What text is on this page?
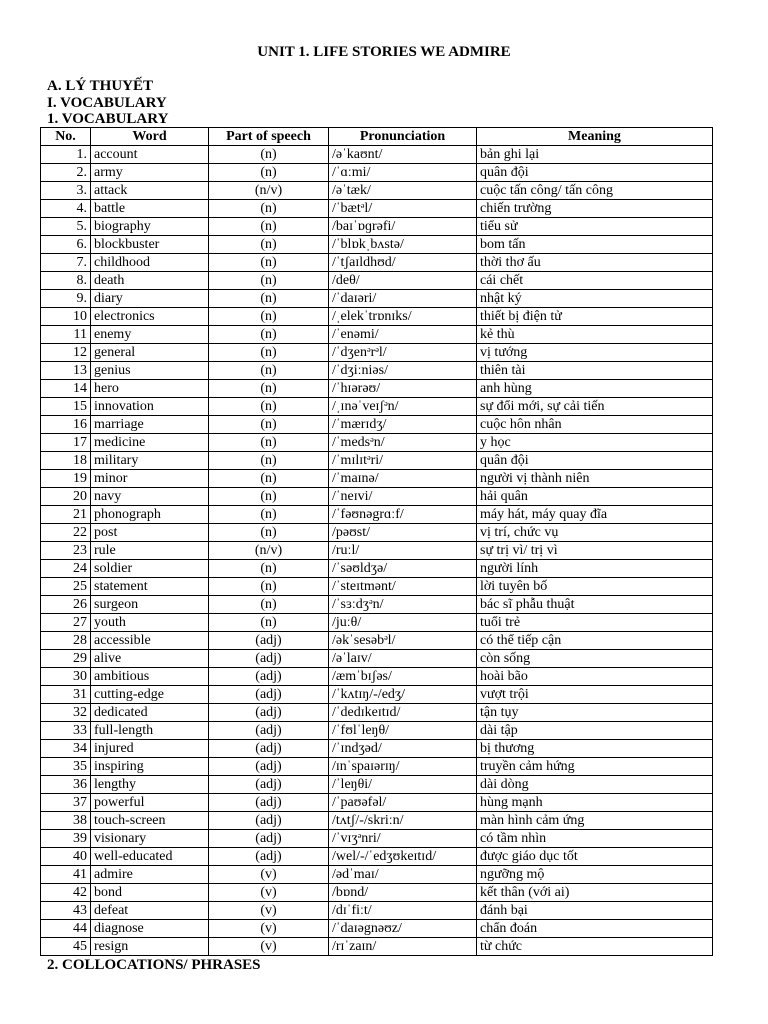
UNIT 1. LIFE STORIES WE ADMIRE
A. LÝ THUYẾT
I. VOCABULARY
1. VOCABULARY
No.	Word	Part of speech	Pronunciation	Meaning
1.	account	(n)	/əˈkaʊnt/	bản ghi lại
2.	army	(n)	/ˈɑːmi/	quân đội
3.	attack	(n/v)	/əˈtæk/	cuộc tấn công/ tấn công
4.	battle	(n)	/ˈbætᵊl/	chiến trường
5.	biography	(n)	/baɪˈɒɡrəfi/	tiểu sử
6.	blockbuster	(n)	/ˈblɒkˌbʌstə/	bom tấn
7.	childhood	(n)	/ˈtʃaɪldhʊd/	thời thơ ấu
8.	death	(n)	/deθ/	cái chết
9.	diary	(n)	/ˈdaɪəri/	nhật ký
10	electronics	(n)	/ˌelekˈtrɒnɪks/	thiết bị điện tử
11	enemy	(n)	/ˈenəmi/	kẻ thù
12	general	(n)	/ˈdʒenᵊrᵊl/	vị tướng
13	genius	(n)	/ˈdʒiːniəs/	thiên tài
14	hero	(n)	/ˈhɪərəʊ/	anh hùng
15	innovation	(n)	/ˌɪnəˈveɪʃᵊn/	sự đổi mới, sự cải tiến
16	marriage	(n)	/ˈmærɪdʒ/	cuộc hôn nhân
17	medicine	(n)	/ˈmedsᵊn/	y học
18	military	(n)	/ˈmɪlɪtᵊri/	quân đội
19	minor	(n)	/ˈmaɪnə/	người vị thành niên
20	navy	(n)	/ˈneɪvi/	hải quân
21	phonograph	(n)	/ˈfəʊnəgrɑːf/	máy hát, máy quay đĩa
22	post	(n)	/pəʊst/	vị trí, chức vụ
23	rule	(n/v)	/ruːl/	sự trị vì/ trị vì
24	soldier	(n)	/ˈsəʊldʒə/	người lính
25	statement	(n)	/ˈsteɪtmənt/	lời tuyên bố
26	surgeon	(n)	/ˈsɜːdʒᵊn/	bác sĩ phẫu thuật
27	youth	(n)	/juːθ/	tuổi trẻ
28	accessible	(adj)	/əkˈsesəbᵊl/	có thể tiếp cận
29	alive	(adj)	/əˈlaɪv/	còn sống
30	ambitious	(adj)	/æmˈbɪʃəs/	hoài bão
31	cutting-edge	(adj)	/ˈkʌtɪŋ/-/edʒ/	vượt trội
32	dedicated	(adj)	/ˈdedɪkeɪtɪd/	tận tụy
33	full-length	(adj)	/ˈfʊlˈleŋθ/	dài tập
34	injured	(adj)	/ˈɪndʒəd/	bị thương
35	inspiring	(adj)	/ɪnˈspaɪərɪŋ/	truyền cảm hứng
36	lengthy	(adj)	/ˈleŋθi/	dài dòng
37	powerful	(adj)	/ˈpaʊəfəl/	hùng mạnh
38	touch-screen	(adj)	/tʌtʃ/-/skriːn/	màn hình cảm ứng
39	visionary	(adj)	/ˈvɪʒᵊnri/	có tầm nhìn
40	well-educated	(adj)	/wel/-/ˈedʒʊkeɪtɪd/	được giáo dục tốt
41	admire	(v)	/ədˈmaɪ/	ngưỡng mộ
42	bond	(v)	/bɒnd/	kết thân (với ai)
43	defeat	(v)	/dɪˈfiːt/	đánh bại
44	diagnose	(v)	/ˈdaɪəgnəʊz/	chẩn đoán
45	resign	(v)	/rɪˈzaɪn/	từ chức
2. COLLOCATIONS/ PHRASES
